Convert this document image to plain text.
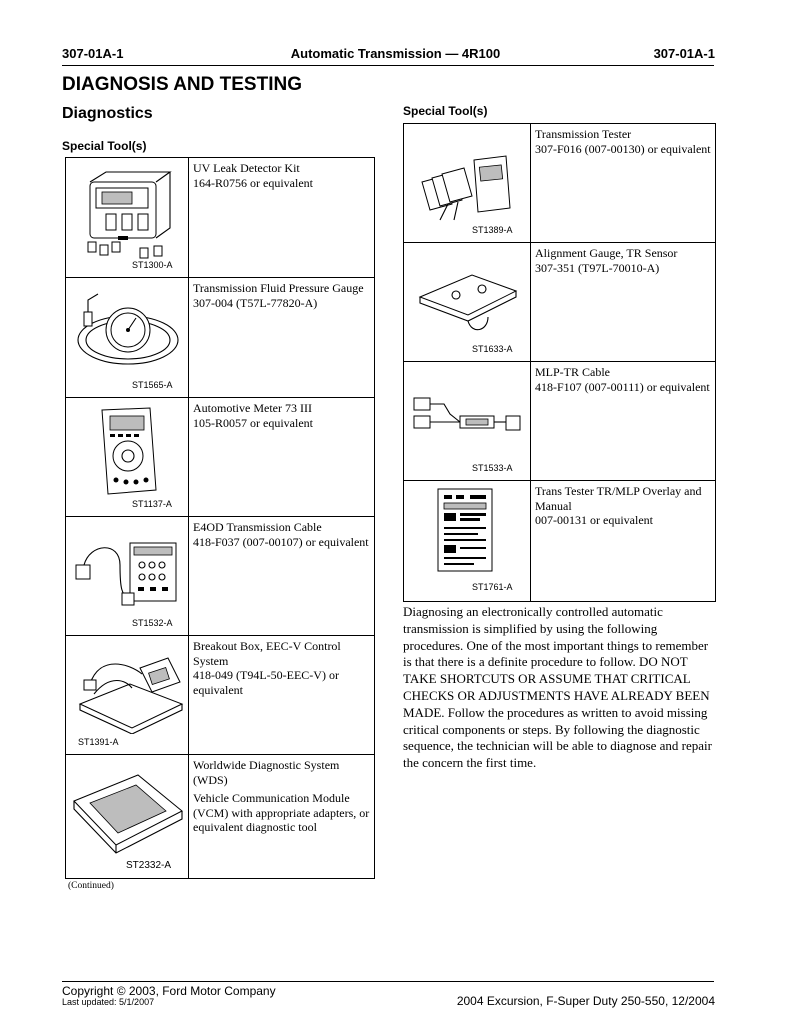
307-01A-1	Automatic Transmission — 4R100	307-01A-1
DIAGNOSIS AND TESTING
Diagnostics
Special Tool(s)
Special Tool(s)
ST1300-A	UV Leak Detector Kit
164-R0756 or equivalent

ST1565-A	Transmission Fluid Pressure Gauge
307-004 (T57L-77820-A)

ST1137-A	Automotive Meter 73 III
105-R0057 or equivalent

ST1532-A	E4OD Transmission Cable
418-F037 (007-00107) or equivalent

ST1391-A	Breakout Box, EEC-V Control System
418-049 (T94L-50-EEC-V) or equivalent

ST2332-A	Worldwide Diagnostic System (WDS)
Vehicle Communication Module (VCM) with appropriate adapters, or equivalent diagnostic tool
(Continued)
ST1389-A	Transmission Tester
307-F016 (007-00130) or equivalent

ST1633-A	Alignment Gauge, TR Sensor
307-351 (T97L-70010-A)

ST1533-A	MLP-TR Cable
418-F107 (007-00111) or equivalent

ST1761-A	Trans Tester TR/MLP Overlay and Manual
007-00131 or equivalent
Diagnosing an electronically controlled automatic transmission is simplified by using the following procedures. One of the most important things to remember is that there is a definite procedure to follow. DO NOT TAKE SHORTCUTS OR ASSUME THAT CRITICAL CHECKS OR ADJUSTMENTS HAVE ALREADY BEEN MADE. Follow the procedures as written to avoid missing critical components or steps. By following the diagnostic sequence, the technician will be able to diagnose and repair the concern the first time.
Copyright © 2003, Ford Motor Company
Last updated: 5/1/2007	2004 Excursion, F-Super Duty 250-550, 12/2004
